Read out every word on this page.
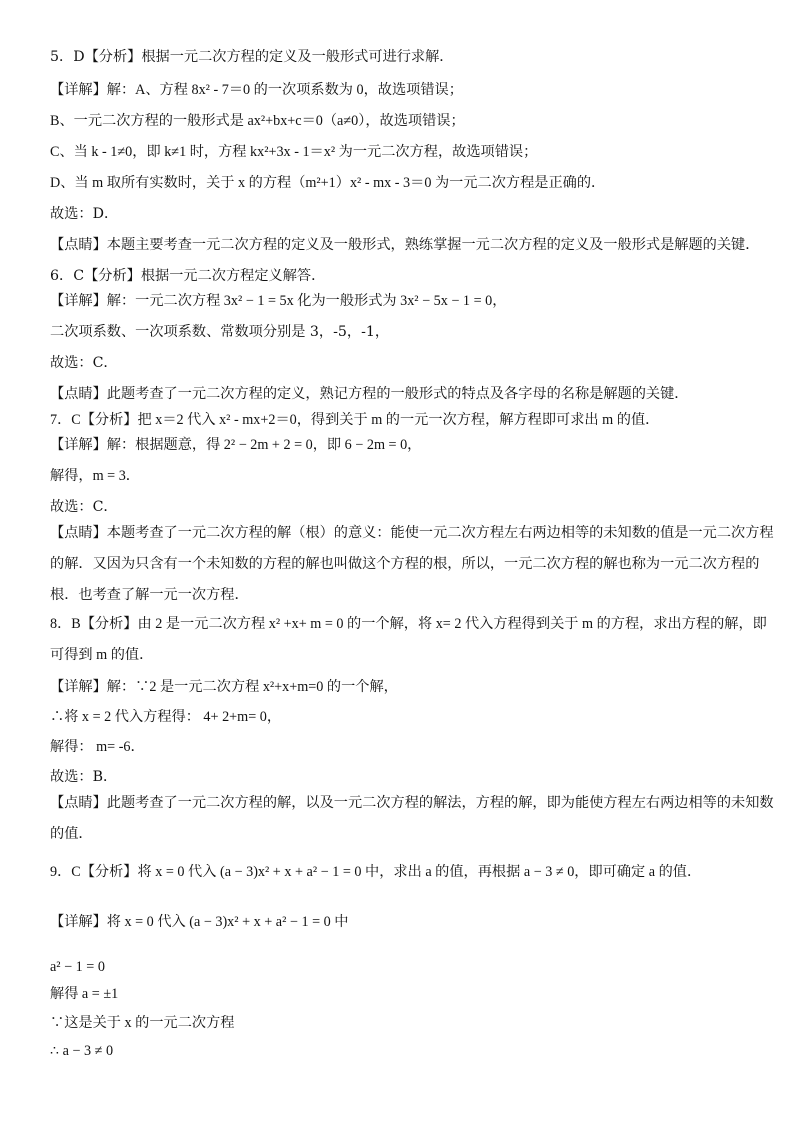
5．D【分析】根据一元二次方程的定义及一般形式可进行求解．
【详解】解：A、方程 8x² - 7＝0 的一次项系数为 0，故选项错误；
B、一元二次方程的一般形式是 ax²+bx+c＝0（a≠0），故选项错误；
C、当 k - 1≠0，即 k≠1 时，方程 kx²+3x - 1＝x² 为一元二次方程，故选项错误；
D、当 m 取所有实数时，关于 x 的方程（m²+1）x² - mx - 3＝0 为一元二次方程是正确的．
故选：D．
【点睛】本题主要考查一元二次方程的定义及一般形式，熟练掌握一元二次方程的定义及一般形式是解题的关键．
6．C【分析】根据一元二次方程定义解答．
【详解】解：一元二次方程 3x² − 1 = 5x 化为一般形式为 3x² − 5x − 1 = 0，
二次项系数、一次项系数、常数项分别是 3，-5，-1，
故选：C．
【点睛】此题考查了一元二次方程的定义，熟记方程的一般形式的特点及各字母的名称是解题的关键．
7．C【分析】把 x＝2 代入 x² - mx+2＝0，得到关于 m 的一元一次方程，解方程即可求出 m 的值．
【详解】解：根据题意，得 2² − 2m + 2 = 0，即 6 − 2m = 0，
解得，m = 3．
故选：C．
【点睛】本题考查了一元二次方程的解（根）的意义：能使一元二次方程左右两边相等的未知数的值是一元二次方程的解．又因为只含有一个未知数的方程的解也叫做这个方程的根，所以，一元二次方程的解也称为一元二次方程的根．也考查了解一元一次方程．
8．B【分析】由 2 是一元二次方程 x² +x+ m = 0 的一个解，将 x= 2 代入方程得到关于 m 的方程，求出方程的解，即可得到 m 的值．
【详解】解：∵2 是一元二次方程 x²+x+m=0 的一个解，
∴将 x = 2 代入方程得： 4+ 2+m= 0，
解得： m= -6．
故选：B．
【点睛】此题考查了一元二次方程的解，以及一元二次方程的解法，方程的解，即为能使方程左右两边相等的未知数的值．
9．C【分析】将 x = 0 代入 (a − 3)x² + x + a² − 1 = 0 中，求出 a 的值，再根据 a − 3 ≠ 0，即可确定 a 的值．
【详解】将 x = 0 代入 (a − 3)x² + x + a² − 1 = 0 中
a² − 1 = 0
解得 a = ±1
∵这是关于 x 的一元二次方程
∴ a − 3 ≠ 0
